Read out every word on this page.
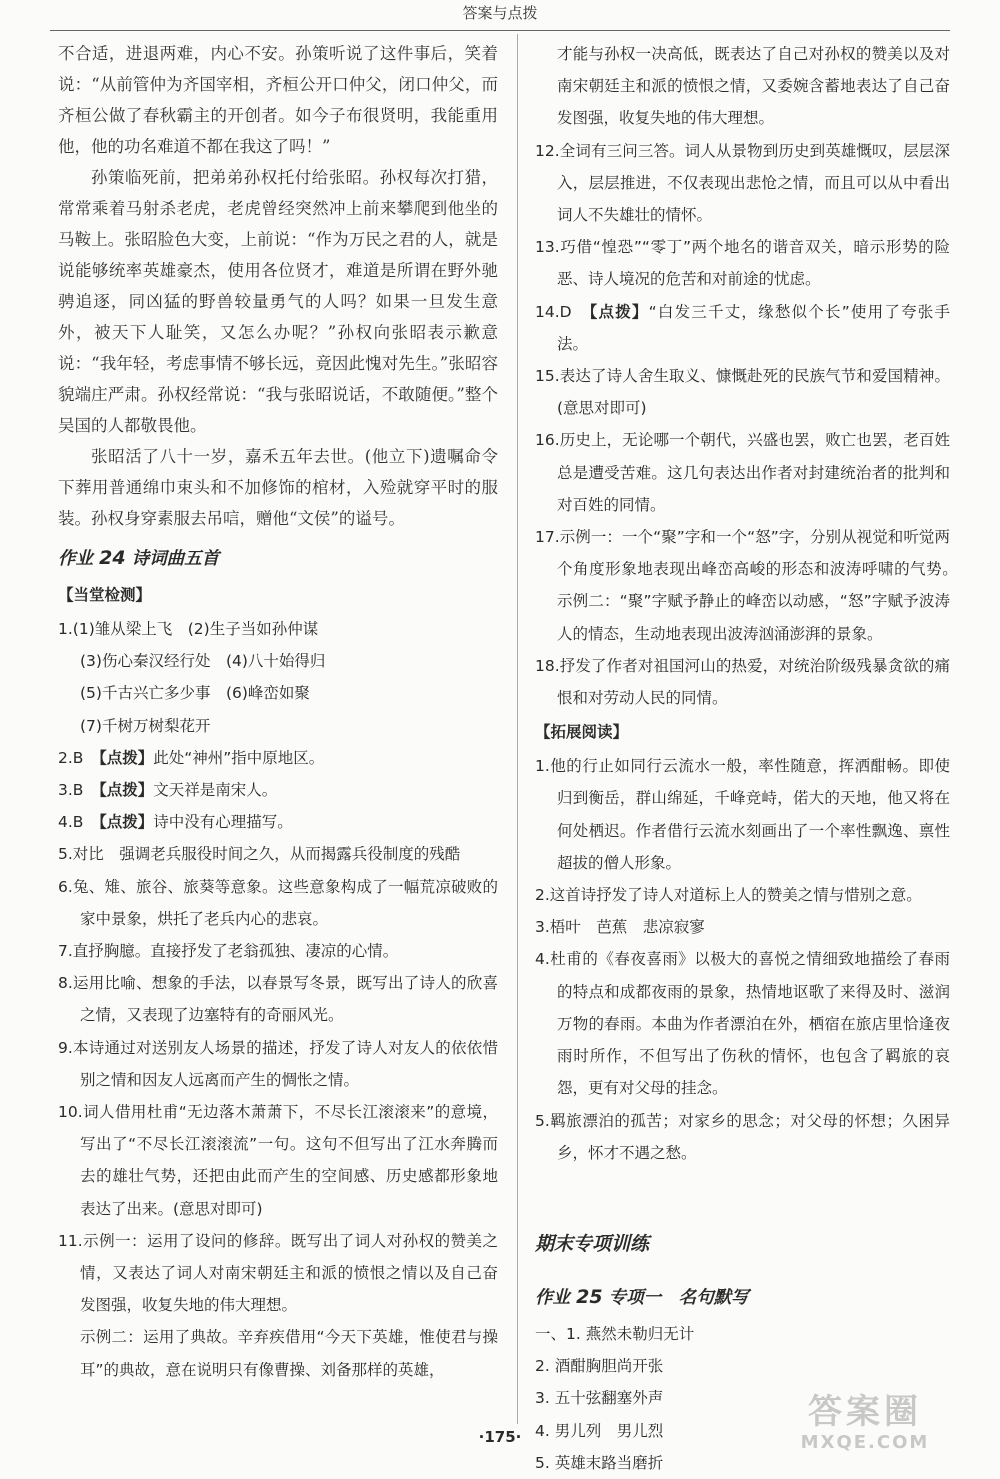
答案与点拨

不合适，进退两难，内心不安。孙策听说了这件事后，笑着说：“从前管仲为齐国宰相，齐桓公开口仲父，闭口仲父，而齐桓公做了春秋霸主的开创者。如今子布很贤明，我能重用他，他的功名难道不都在我这了吗！”

孙策临死前，把弟弟孙权托付给张昭。孙权每次打猎，常常乘着马射杀老虎，老虎曾经突然冲上前来攀爬到他坐的马鞍上。张昭脸色大变，上前说：“作为万民之君的人，就是说能够统率英雄豪杰，使用各位贤才，难道是所谓在野外驰骋追逐，同凶猛的野兽较量勇气的人吗？如果一旦发生意外，被天下人耻笑，又怎么办呢？”孙权向张昭表示歉意说：“我年轻，考虑事情不够长远，竟因此愧对先生。”张昭容貌端庄严肃。孙权经常说：“我与张昭说话，不敢随便。”整个吴国的人都敬畏他。

张昭活了八十一岁，嘉禾五年去世。(他立下)遗嘱命令下葬用普通绵巾束头和不加修饰的棺材，入殓就穿平时的服装。孙权身穿素服去吊唁，赠他“文侯”的谥号。

作业 24 诗词曲五首
【当堂检测】

1.(1)雏从梁上飞　(2)生子当如孙仲谋

(3)伤心秦汉经行处　(4)八十始得归

(5)千古兴亡多少事　(6)峰峦如聚

(7)千树万树梨花开

2.B　【点拨】此处“神州”指中原地区。

3.B　【点拨】文天祥是南宋人。

4.B　【点拨】诗中没有心理描写。

5.对比　强调老兵服役时间之久，从而揭露兵役制度的残酷

6.兔、雉、旅谷、旅葵等意象。这些意象构成了一幅荒凉破败的家中景象，烘托了老兵内心的悲哀。

7.直抒胸臆。直接抒发了老翁孤独、凄凉的心情。

8.运用比喻、想象的手法，以春景写冬景，既写出了诗人的欣喜之情，又表现了边塞特有的奇丽风光。

9.本诗通过对送别友人场景的描述，抒发了诗人对友人的依依惜别之情和因友人远离而产生的惆怅之情。

10.词人借用杜甫“无边落木萧萧下，不尽长江滚滚来”的意境，写出了“不尽长江滚滚流”一句。这句不但写出了江水奔腾而去的雄壮气势，还把由此而产生的空间感、历史感都形象地表达了出来。(意思对即可)

11.示例一：运用了设问的修辞。既写出了词人对孙权的赞美之情，又表达了词人对南宋朝廷主和派的愤恨之情以及自己奋发图强，收复失地的伟大理想。

示例二：运用了典故。辛弃疾借用“今天下英雄，惟使君与操耳”的典故，意在说明只有像曹操、刘备那样的英雄，

才能与孙权一决高低，既表达了自己对孙权的赞美以及对南宋朝廷主和派的愤恨之情，又委婉含蓄地表达了自己奋发图强，收复失地的伟大理想。

12.全词有三问三答。词人从景物到历史到英雄慨叹，层层深入，层层推进，不仅表现出悲怆之情，而且可以从中看出词人不失雄壮的情怀。

13.巧借“惶恐”“零丁”两个地名的谐音双关，暗示形势的险恶、诗人境况的危苦和对前途的忧虑。

14.D　【点拨】“白发三千丈，缘愁似个长”使用了夸张手法。

15.表达了诗人舍生取义、慷慨赴死的民族气节和爱国精神。(意思对即可)

16.历史上，无论哪一个朝代，兴盛也罢，败亡也罢，老百姓总是遭受苦难。这几句表达出作者对封建统治者的批判和对百姓的同情。

17.示例一：一个“聚”字和一个“怒”字，分别从视觉和听觉两个角度形象地表现出峰峦高峻的形态和波涛呼啸的气势。　示例二：“聚”字赋予静止的峰峦以动感，“怒”字赋予波涛人的情态，生动地表现出波涛汹涌澎湃的景象。

18.抒发了作者对祖国河山的热爱，对统治阶级残暴贪欲的痛恨和对劳动人民的同情。

【拓展阅读】

1.他的行止如同行云流水一般，率性随意，挥洒酣畅。即使归到衡岳，群山绵延，千峰竞峙，偌大的天地，他又将在何处栖迟。作者借行云流水刻画出了一个率性飘逸、禀性超拔的僧人形象。

2.这首诗抒发了诗人对道标上人的赞美之情与惜别之意。

3.梧叶　芭蕉　悲凉寂寥

4.杜甫的《春夜喜雨》以极大的喜悦之情细致地描绘了春雨的特点和成都夜雨的景象，热情地讴歌了来得及时、滋润万物的春雨。本曲为作者漂泊在外，栖宿在旅店里恰逢夜雨时所作，不但写出了伤秋的情怀，也包含了羁旅的哀怨，更有对父母的挂念。

5.羁旅漂泊的孤苦；对家乡的思念；对父母的怀想；久困异乡，怀才不遇之愁。

期末专项训练
作业 25 专项一　名句默写

一、1. 燕然未勒归无计

2. 酒酣胸胆尚开张

3. 五十弦翻塞外声

4. 男儿列　男儿烈

5. 英雄末路当磨折

·175·
答案圈
MXQE.COM
